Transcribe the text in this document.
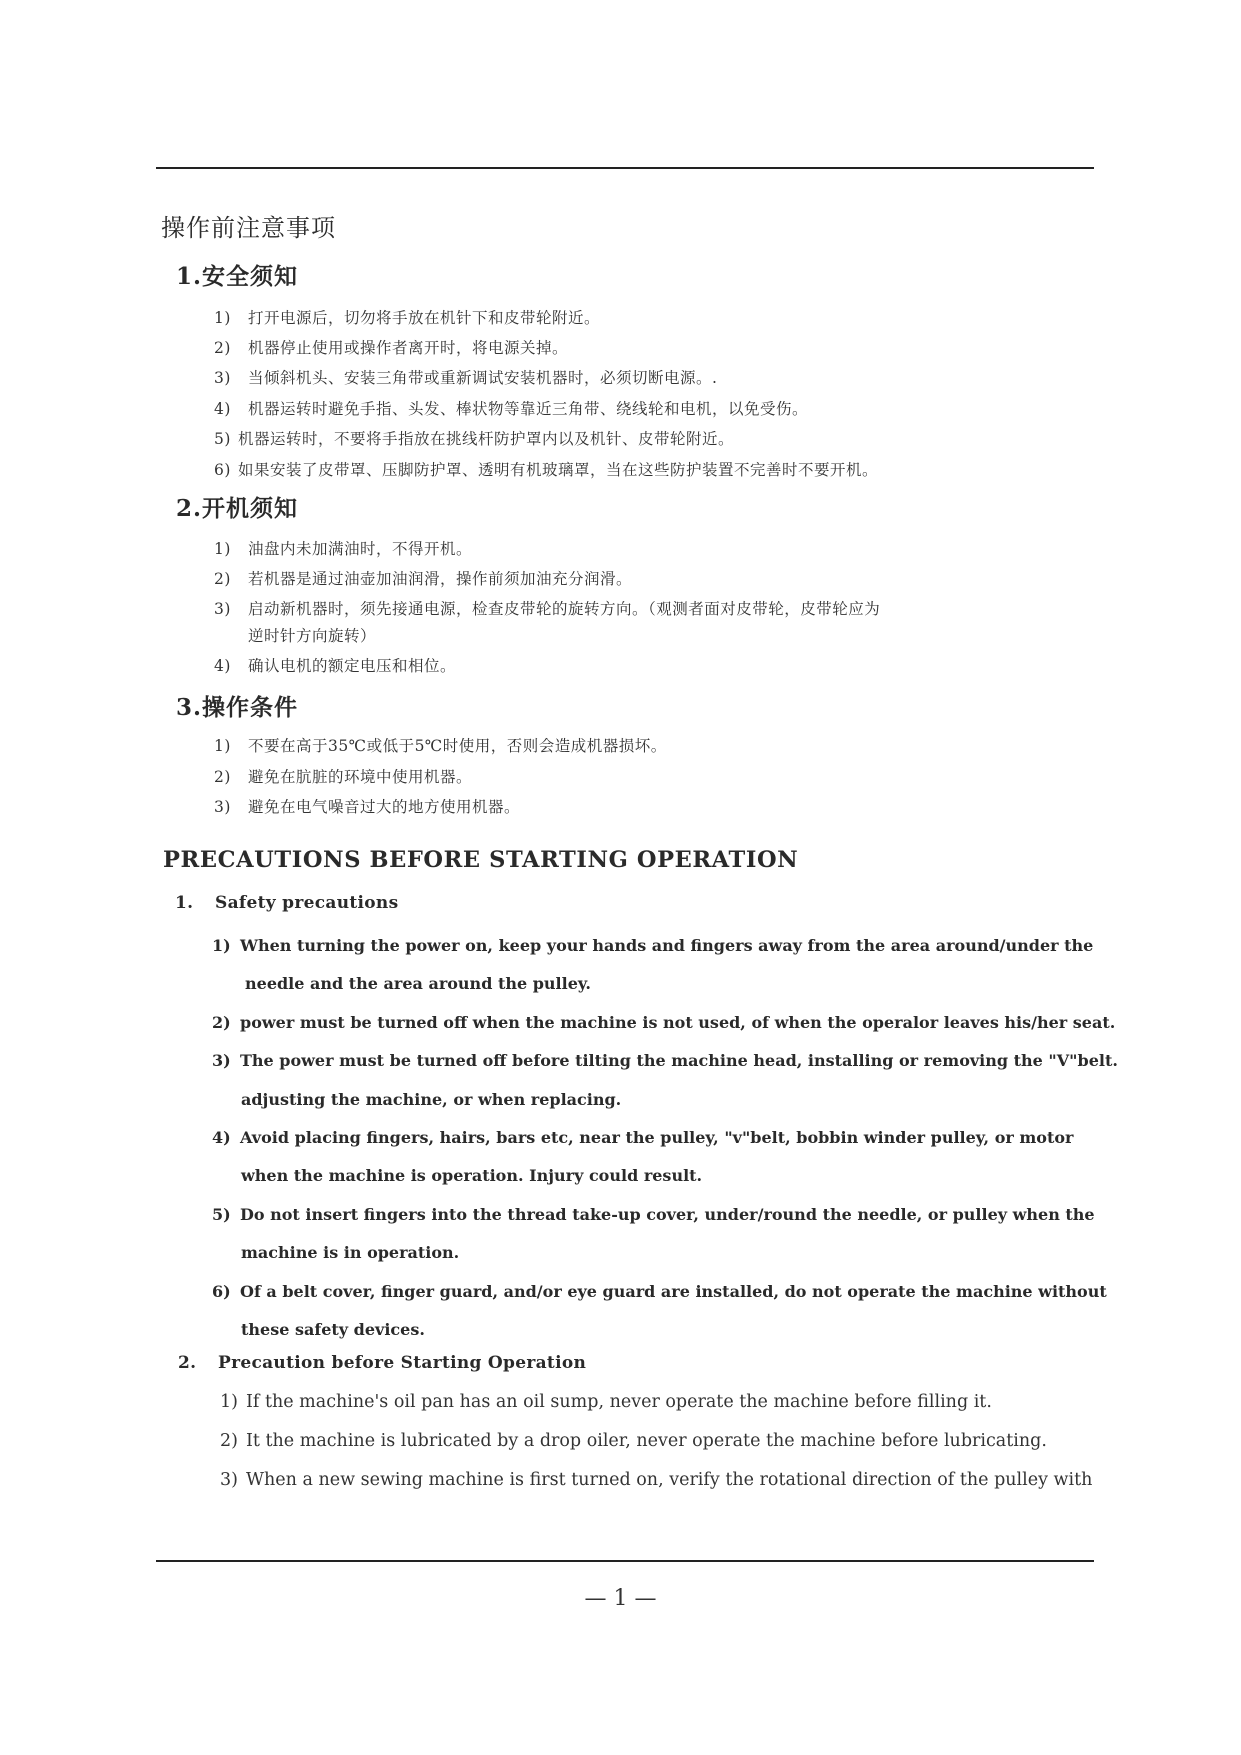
操作前注意事项
1.安全须知
1) 打开电源后，切勿将手放在机针下和皮带轮附近。
2) 机器停止使用或操作者离开时，将电源关掉。
3) 当倾斜机头、安装三角带或重新调试安装机器时，必须切断电源。.
4) 机器运转时避免手指、头发、棒状物等靠近三角带、绕线轮和电机，以免受伤。
5) 机器运转时，不要将手指放在挑线杆防护罩内以及机针、皮带轮附近。
6) 如果安装了皮带罩、压脚防护罩、透明有机玻璃罩，当在这些防护装置不完善时不要开机。
2.开机须知
1) 油盘内未加满油时，不得开机。
2) 若机器是通过油壶加油润滑，操作前须加油充分润滑。
3) 启动新机器时，须先接通电源，检查皮带轮的旋转方向。（观测者面对皮带轮，皮带轮应为
逆时针方向旋转）
4) 确认电机的额定电压和相位。
3.操作条件
1) 不要在高于35℃或低于5℃时使用，否则会造成机器损坏。
2) 避免在肮脏的环境中使用机器。
3) 避免在电气噪音过大的地方使用机器。
PRECAUTIONS BEFORE STARTING OPERATION
1. Safety precautions
1) When turning the power on, keep your hands and fingers away from the area around/under the
needle and the area around the pulley.
2) power must be turned off when the machine is not used, of when the operalor leaves his/her seat.
3) The power must be turned off before tilting the machine head, installing or removing the "V"belt.
adjusting the machine, or when replacing.
4) Avoid placing fingers, hairs, bars etc, near the pulley, "v"belt, bobbin winder pulley, or motor
when the machine is operation. Injury could result.
5) Do not insert fingers into the thread take-up cover, under/round the needle, or pulley when the
machine is in operation.
6) Of a belt cover, finger guard, and/or eye guard are installed, do not operate the machine without
these safety devices.
2. Precaution before Starting Operation
1) If the machine's oil pan has an oil sump, never operate the machine before filling it.
2) It the machine is lubricated by a drop oiler, never operate the machine before lubricating.
3) When a new sewing machine is first turned on, verify the rotational direction of the pulley with
— 1 —
